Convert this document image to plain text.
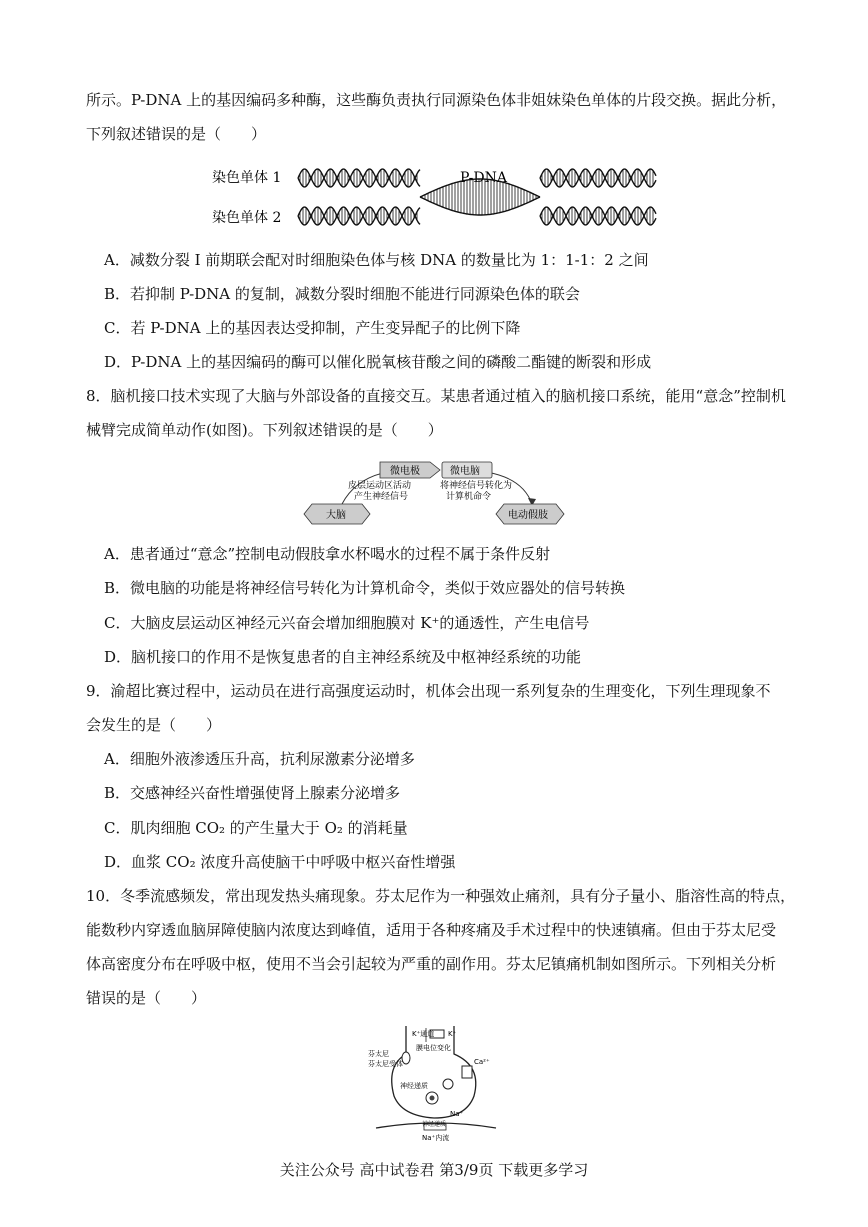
所示。P-DNA 上的基因编码多种酶，这些酶负责执行同源染色体非姐妹染色单体的片段交换。据此分析，
下列叙述错误的是（　　）
染色单体 1
染色单体 2
P-DNA
A．减数分裂 I 前期联会配对时细胞染色体与核 DNA 的数量比为 1：1-1：2 之间
B．若抑制 P-DNA 的复制，减数分裂时细胞不能进行同源染色体的联会
C．若 P-DNA 上的基因表达受抑制，产生变异配子的比例下降
D．P-DNA 上的基因编码的酶可以催化脱氧核苷酸之间的磷酸二酯键的断裂和形成
8．脑机接口技术实现了大脑与外部设备的直接交互。某患者通过植入的脑机接口系统，能用“意念”控制机
械臂完成简单动作(如图)。下列叙述错误的是（　　）
微电极	微电脑
皮层运动区活动
产生神经信号
将神经信号转化为
计算机命令
大脑	电动假肢
A．患者通过“意念”控制电动假肢拿水杯喝水的过程不属于条件反射
B．微电脑的功能是将神经信号转化为计算机命令，类似于效应器处的信号转换
C．大脑皮层运动区神经元兴奋会增加细胞膜对 K⁺的通透性，产生电信号
D．脑机接口的作用不是恢复患者的自主神经系统及中枢神经系统的功能
9．渝超比赛过程中，运动员在进行高强度运动时，机体会出现一系列复杂的生理变化，下列生理现象不
会发生的是（　　）
A．细胞外液渗透压升高，抗利尿激素分泌增多
B．交感神经兴奋性增强使肾上腺素分泌增多
C．肌肉细胞 CO₂ 的产生量大于 O₂ 的消耗量
D．血浆 CO₂ 浓度升高使脑干中呼吸中枢兴奋性增强
10．冬季流感频发，常出现发热头痛现象。芬太尼作为一种强效止痛剂，具有分子量小、脂溶性高的特点，
能数秒内穿透血脑屏障使脑内浓度达到峰值，适用于各种疼痛及手术过程中的快速镇痛。但由于芬太尼受
体高密度分布在呼吸中枢，使用不当会引起较为严重的副作用。芬太尼镇痛机制如图所示。下列相关分析
错误的是（　　）
芬太尼
芬太尼受体
K⁺通道 K⁺
膜电位变化
Ca²⁺
神经递质
神经递质
Na⁺
Na⁺内流
关注公众号 高中试卷君 第3/9页 下载更多学习
